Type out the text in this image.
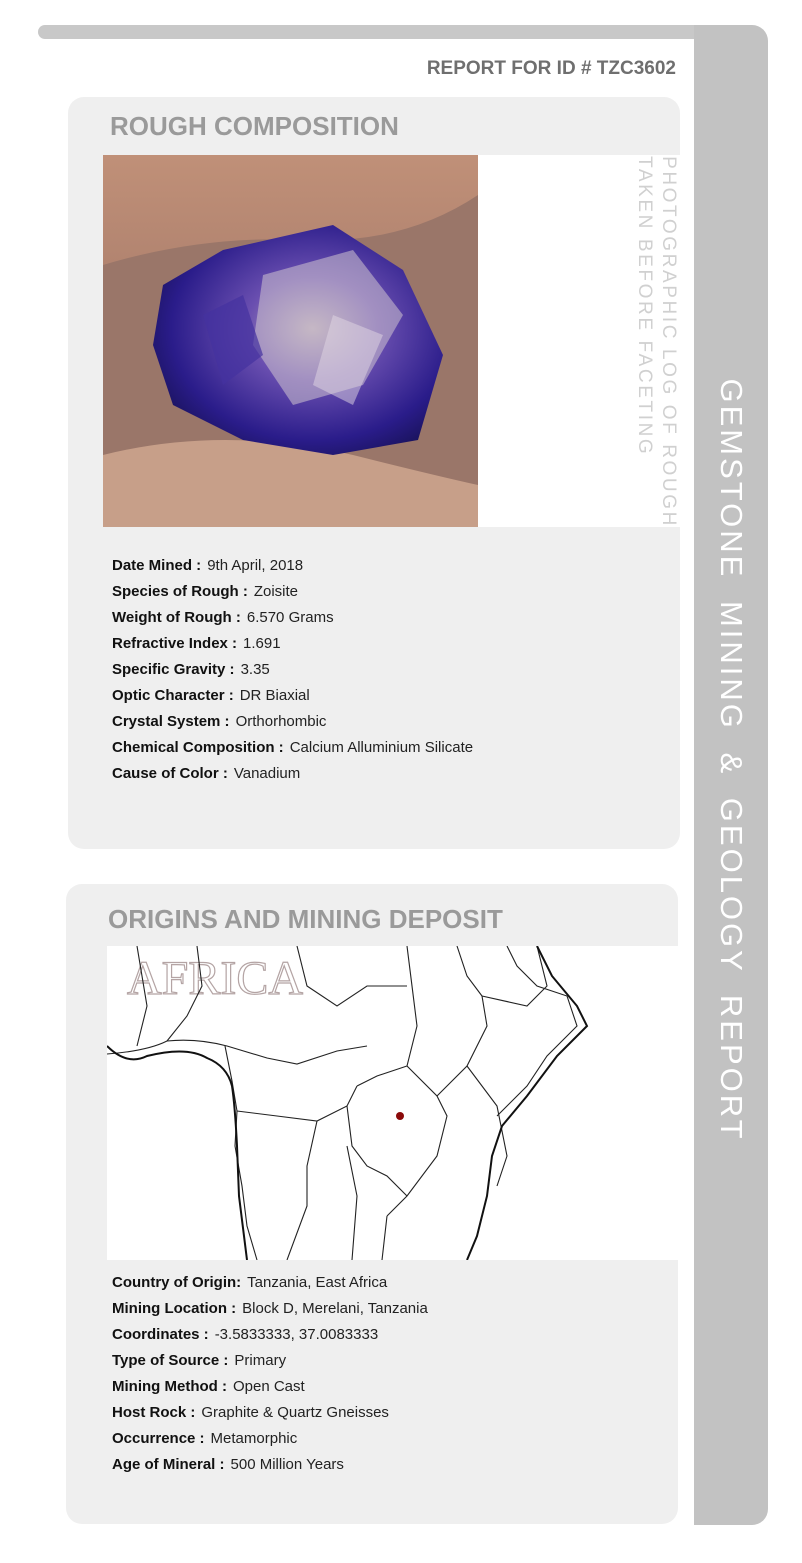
GEMSTONE MINING & GEOLOGY REPORT
REPORT FOR ID # TZC3602
ROUGH COMPOSITION
PHOTOGRAPHIC LOG OF ROUGH
TAKEN BEFORE FACETING
Date Mined : 9th April, 2018
Species of Rough : Zoisite
Weight of Rough : 6.570 Grams
Refractive Index : 1.691
Specific Gravity : 3.35
Optic Character : DR Biaxial
Crystal System : Orthorhombic
Chemical Composition : Calcium Alluminium Silicate
Cause of Color : Vanadium
ORIGINS AND MINING DEPOSIT
AFRICA
Country of Origin: Tanzania, East Africa
Mining Location : Block D, Merelani, Tanzania
Coordinates : -3.5833333, 37.0083333
Type of Source : Primary
Mining Method : Open Cast
Host Rock : Graphite & Quartz Gneisses
Occurrence : Metamorphic
Age of Mineral : 500 Million Years
